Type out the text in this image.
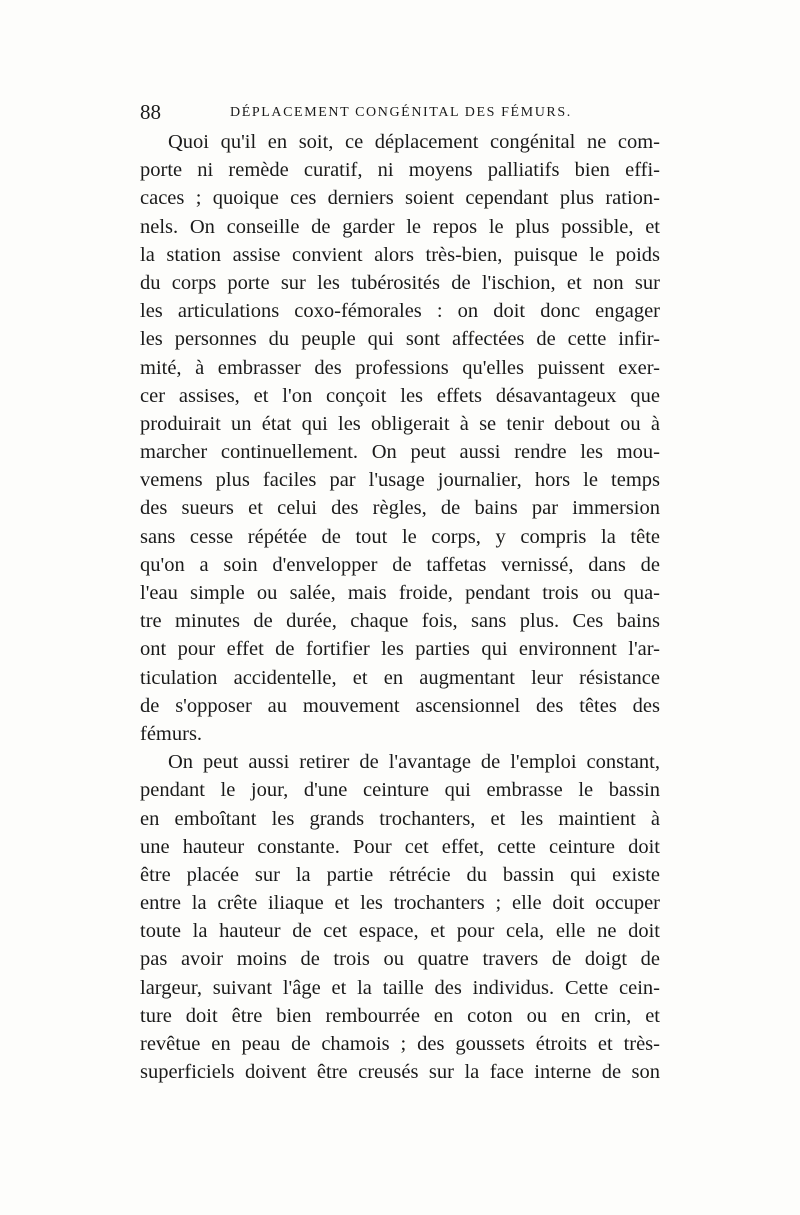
88	DÉPLACEMENT CONGÉNITAL DES FÉMURS.
Quoi qu'il en soit, ce déplacement congénital ne com-
porte ni remède curatif, ni moyens palliatifs bien effi-
caces ; quoique ces derniers soient cependant plus ration-
nels. On conseille de garder le repos le plus possible, et
la station assise convient alors très-bien, puisque le poids
du corps porte sur les tubérosités de l'ischion, et non sur
les articulations coxo-fémorales : on doit donc engager
les personnes du peuple qui sont affectées de cette infir-
mité, à embrasser des professions qu'elles puissent exer-
cer assises, et l'on conçoit les effets désavantageux que
produirait un état qui les obligerait à se tenir debout ou à
marcher continuellement. On peut aussi rendre les mou-
vemens plus faciles par l'usage journalier, hors le temps
des sueurs et celui des règles, de bains par immersion
sans cesse répétée de tout le corps, y compris la tête
qu'on a soin d'envelopper de taffetas vernissé, dans de
l'eau simple ou salée, mais froide, pendant trois ou qua-
tre minutes de durée, chaque fois, sans plus. Ces bains
ont pour effet de fortifier les parties qui environnent l'ar-
ticulation accidentelle, et en augmentant leur résistance
de s'opposer au mouvement ascensionnel des têtes des
fémurs.
On peut aussi retirer de l'avantage de l'emploi constant,
pendant le jour, d'une ceinture qui embrasse le bassin
en emboîtant les grands trochanters, et les maintient à
une hauteur constante. Pour cet effet, cette ceinture doit
être placée sur la partie rétrécie du bassin qui existe
entre la crête iliaque et les trochanters ; elle doit occuper
toute la hauteur de cet espace, et pour cela, elle ne doit
pas avoir moins de trois ou quatre travers de doigt de
largeur, suivant l'âge et la taille des individus. Cette cein-
ture doit être bien rembourrée en coton ou en crin, et
revêtue en peau de chamois ; des goussets étroits et très-
superficiels doivent être creusés sur la face interne de son
